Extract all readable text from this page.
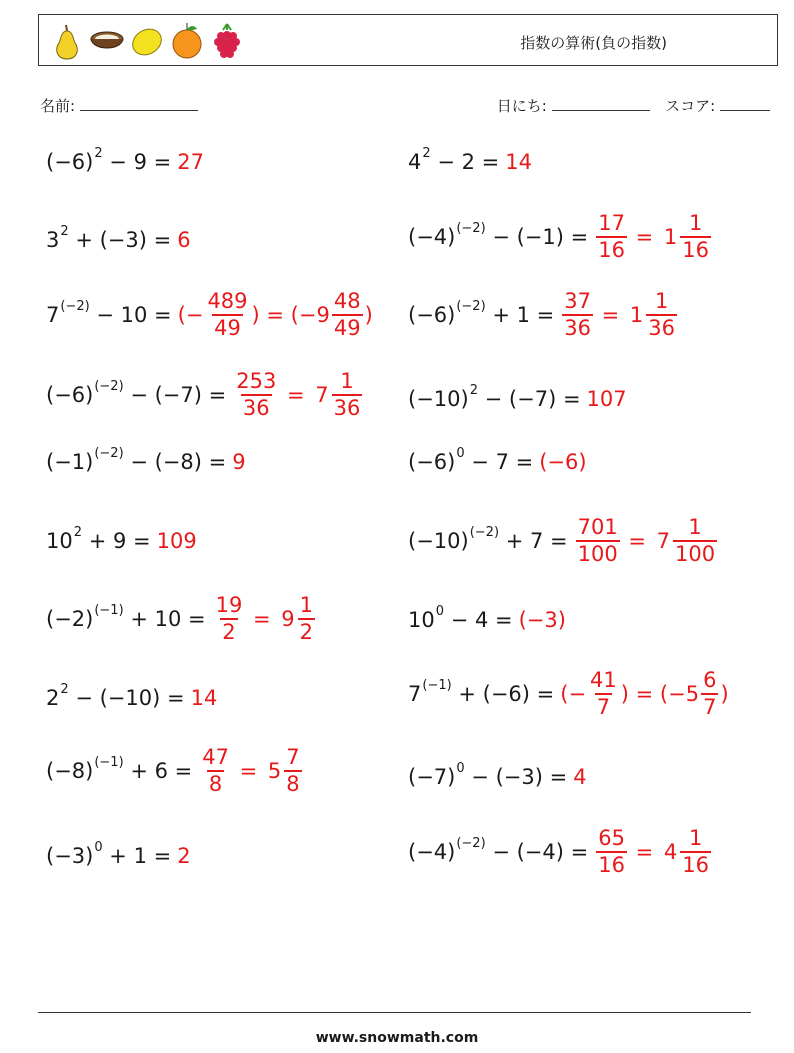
指数の算術(負の指数)
名前:	日にち:	スコア:
$(-6)^2 - 9 = 27$
$3^2 + (-3) = 6$
$7^{(-2)} - 10$ = (− $\frac{489}{49}$ ) = ($-9 \frac{48}{49}$ )
$(-6)^{(-2)} - (-7) = \frac{253}{36} = 7 \frac{1}{36}$
$(-1)^{(-2)} - (-8) = 9$
$10^2 + 9 = 109$
$(-2)^{(-1)} + 10 = \frac{19}{2} = 9 \frac{1}{2}$
$2^2 - (-10) = 14$
$(-8)^{(-1)} + 6 = \frac{47}{8} = 5 \frac{7}{8}$
$(-3)^0 + 1 = 2$
$4^2 - 2 = 14$
$(-4)^{(-2)} - (-1) = \frac{17}{16} = 1 \frac{1}{16}$
$(-6)^{(-2)} + 1 = \frac{37}{36} = 1 \frac{1}{36}$
$(-10)^2 - (-7) = 107$
$(-6)^0 - 7 = (-6)$
$(-10)^{(-2)} + 7 = \frac{701}{100} = 7 \frac{1}{100}$
$10^0 - 4 = (-3)$
$7^{(-1)} + (-6)$ = (− $\frac{41}{7}$ ) = ($-5 \frac{6}{7}$ )
$(-7)^0 - (-3) = 4$
$(-4)^{(-2)} - (-4) = \frac{65}{16} = 4 \frac{1}{16}$
www.snowmath.com
